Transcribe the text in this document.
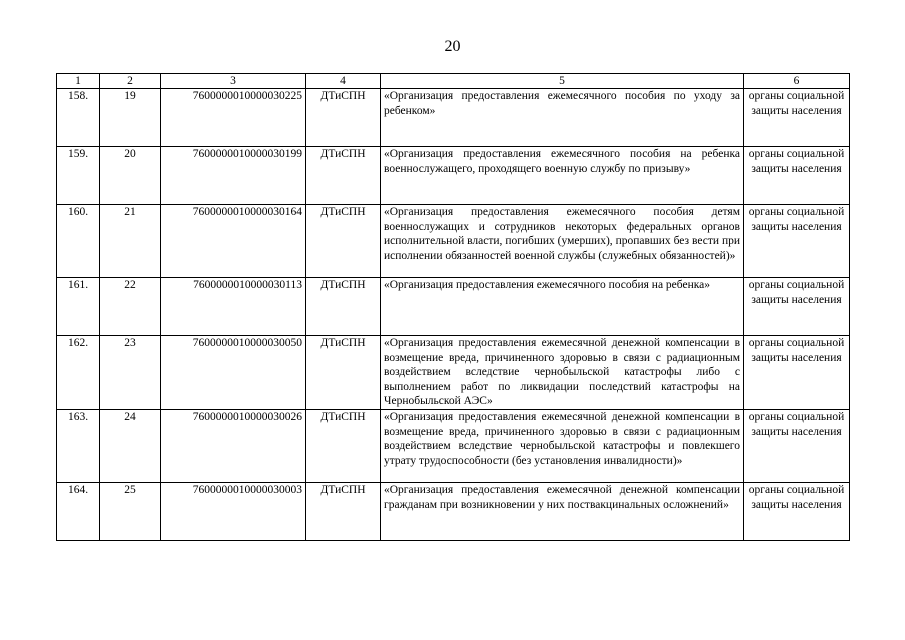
20
1	2	3	4	5	6
158.	19	7600000010000030225	ДТиСПН	«Организация предоставления ежемесячного пособия по уходу за ребенком»	органы социальной защиты населения
159.	20	7600000010000030199	ДТиСПН	«Организация предоставления ежемесячного пособия на ребенка военнослужащего, проходящего военную службу по призыву»	органы социальной защиты населения
160.	21	7600000010000030164	ДТиСПН	«Организация предоставления ежемесячного пособия детям военнослужащих и сотрудников некоторых федеральных органов исполнительной власти, погибших (умерших), пропавших без вести при исполнении обязанностей военной службы (служебных обязанностей)»	органы социальной защиты населения
161.	22	7600000010000030113	ДТиСПН	«Организация предоставления ежемесячного пособия на ребенка»	органы социальной защиты населения
162.	23	7600000010000030050	ДТиСПН	«Организация предоставления ежемесячной денежной компенсации в возмещение вреда, причиненного здоровью в связи с радиационным воздействием вследствие чернобыльской катастрофы либо с выполнением работ по ликвидации последствий катастрофы на Чернобыльской АЭС»	органы социальной защиты населения
163.	24	7600000010000030026	ДТиСПН	«Организация предоставления ежемесячной денежной компенсации в возмещение вреда, причиненного здоровью в связи с радиационным воздействием вследствие чернобыльской катастрофы и повлекшего утрату трудоспособности (без установления инвалидности)»	органы социальной защиты населения
164.	25	7600000010000030003	ДТиСПН	«Организация предоставления ежемесячной денежной компенсации гражданам при возникновении у них поствакцинальных осложнений»	органы социальной защиты населения
